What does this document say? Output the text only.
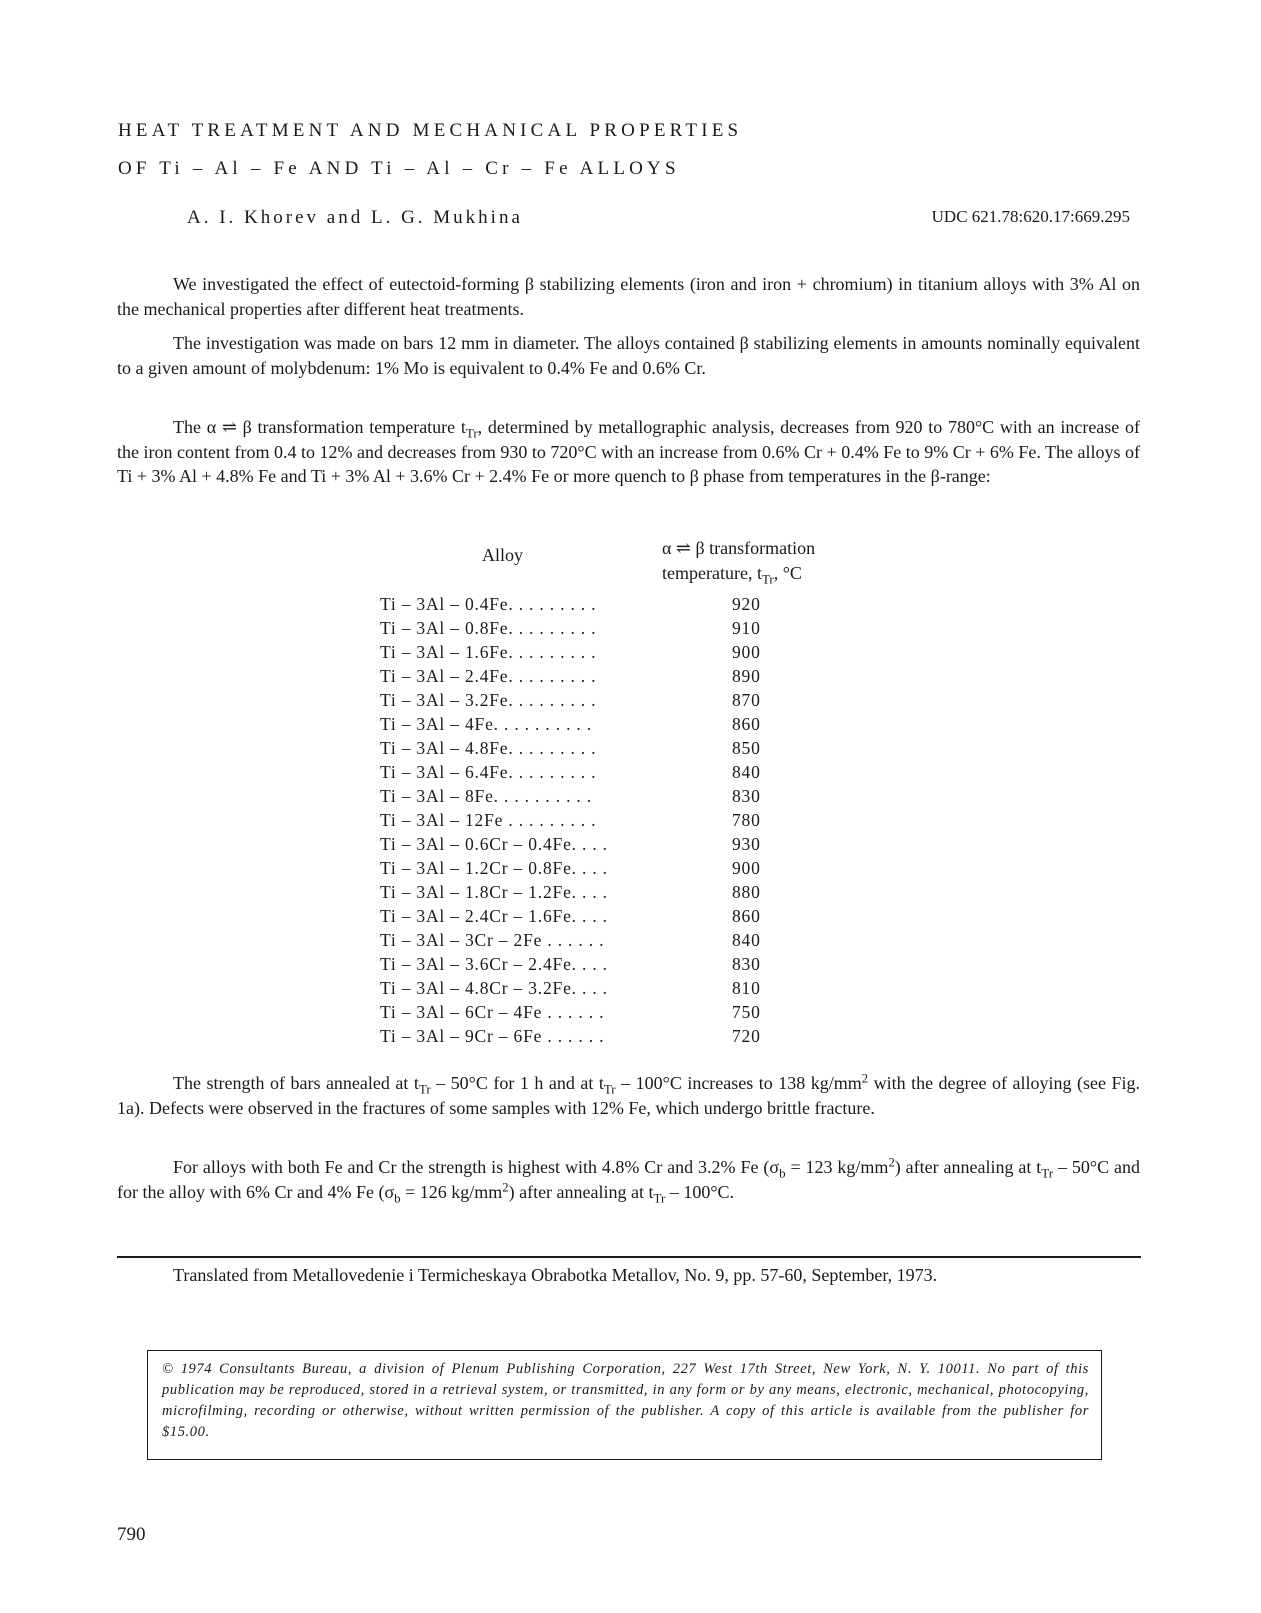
HEAT TREATMENT AND MECHANICAL PROPERTIES
OF Ti – Al – Fe AND Ti – Al – Cr – Fe ALLOYS
A. I. Khorev and L. G. Mukhina	UDC 621.78:620.17:669.295
We investigated the effect of eutectoid-forming β stabilizing elements (iron and iron + chromium) in titanium alloys with 3% Al on the mechanical properties after different heat treatments.
The investigation was made on bars 12 mm in diameter. The alloys contained β stabilizing elements in amounts nominally equivalent to a given amount of molybdenum: 1% Mo is equivalent to 0.4% Fe and 0.6% Cr.
The α ⇌ β transformation temperature $t_{Tr}$, determined by metallographic analysis, decreases from 920 to 780°C with an increase of the iron content from 0.4 to 12% and decreases from 930 to 720°C with an increase from 0.6% Cr + 0.4% Fe to 9% Cr + 6% Fe. The alloys of Ti + 3% Al + 4.8% Fe and Ti + 3% Al + 3.6% Cr + 2.4% Fe or more quench to β phase from temperatures in the β-range:
Alloy	α ⇌ β transformation
temperature, $t_{Tr}$, °C
Ti – 3Al – 0.4Fe. . . . . . . . .	920
Ti – 3Al – 0.8Fe. . . . . . . . .	910
Ti – 3Al – 1.6Fe. . . . . . . . .	900
Ti – 3Al – 2.4Fe. . . . . . . . .	890
Ti – 3Al – 3.2Fe. . . . . . . . .	870
Ti – 3Al – 4Fe. . . . . . . . . .	860
Ti – 3Al – 4.8Fe. . . . . . . . .	850
Ti – 3Al – 6.4Fe. . . . . . . . .	840
Ti – 3Al – 8Fe. . . . . . . . . .	830
Ti – 3Al – 12Fe . . . . . . . . .	780
Ti – 3Al – 0.6Cr – 0.4Fe. . . .	930
Ti – 3Al – 1.2Cr – 0.8Fe. . . .	900
Ti – 3Al – 1.8Cr – 1.2Fe. . . .	880
Ti – 3Al – 2.4Cr – 1.6Fe. . . .	860
Ti – 3Al – 3Cr – 2Fe . . . . . .	840
Ti – 3Al – 3.6Cr – 2.4Fe. . . .	830
Ti – 3Al – 4.8Cr – 3.2Fe. . . .	810
Ti – 3Al – 6Cr – 4Fe . . . . . .	750
Ti – 3Al – 9Cr – 6Fe . . . . . .	720
The strength of bars annealed at $t_{Tr} - 50^\circ C$ for 1 h and at $t_{Tr} - 100^\circ C$ increases to 138 $kg/mm^2$ with the degree of alloying (see Fig. 1a). Defects were observed in the fractures of some samples with 12% Fe, which undergo brittle fracture.
For alloys with both Fe and Cr the strength is highest with 4.8% Cr and 3.2% Fe ($\sigma_b = 123$ $kg/mm^2$) after annealing at $t_{Tr} - 50^\circ C$ and for the alloy with 6% Cr and 4% Fe ($\sigma_b = 126$ $kg/mm^2$) after annealing at $t_{Tr} - 100^\circ C$.
Translated from Metallovedenie i Termicheskaya Obrabotka Metallov, No. 9, pp. 57-60, September, 1973.
© 1974 Consultants Bureau, a division of Plenum Publishing Corporation, 227 West 17th Street, New York, N. Y. 10011. No part of this publication may be reproduced, stored in a retrieval system, or transmitted, in any form or by any means, electronic, mechanical, photocopying, microfilming, recording or otherwise, without written permission of the publisher. A copy of this article is available from the publisher for $15.00.
790
